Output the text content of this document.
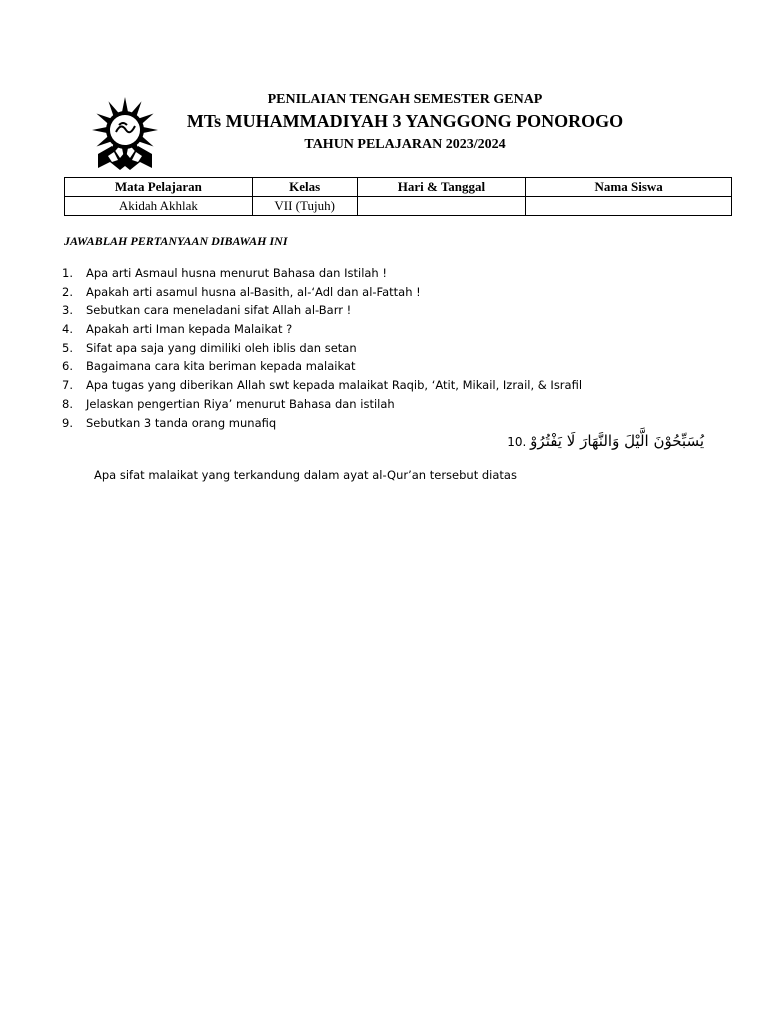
PENILAIAN TENGAH SEMESTER GENAP
MTs MUHAMMADIYAH 3 YANGGONG PONOROGO
TAHUN PELAJARAN 2023/2024
Mata Pelajaran	Kelas	Hari & Tanggal	Nama Siswa
Akidah Akhlak	VII (Tujuh)		
JAWABLAH PERTANYAAN DIBAWAH INI
1. Apa arti Asmaul husna menurut Bahasa dan Istilah !
2. Apakah arti asamul husna al-Basith, al-‘Adl dan al-Fattah !
3. Sebutkan cara meneladani sifat Allah al-Barr !
4. Apakah arti Iman kepada Malaikat ?
5. Sifat apa saja yang dimiliki oleh iblis dan setan
6. Bagaimana cara kita beriman kepada malaikat
7. Apa tugas yang diberikan Allah swt kepada malaikat Raqib, ‘Atit, Mikail, Izrail, & Israfil
8. Jelaskan pengertian Riya’ menurut Bahasa dan istilah
9. Sebutkan 3 tanda orang munafiq
10. يُسَبِّحُوْنَ الَّيْلَ وَالنَّهَارَ لَا يَفْتُرُوْ
Apa sifat malaikat yang terkandung dalam ayat al-Qur’an tersebut diatas
